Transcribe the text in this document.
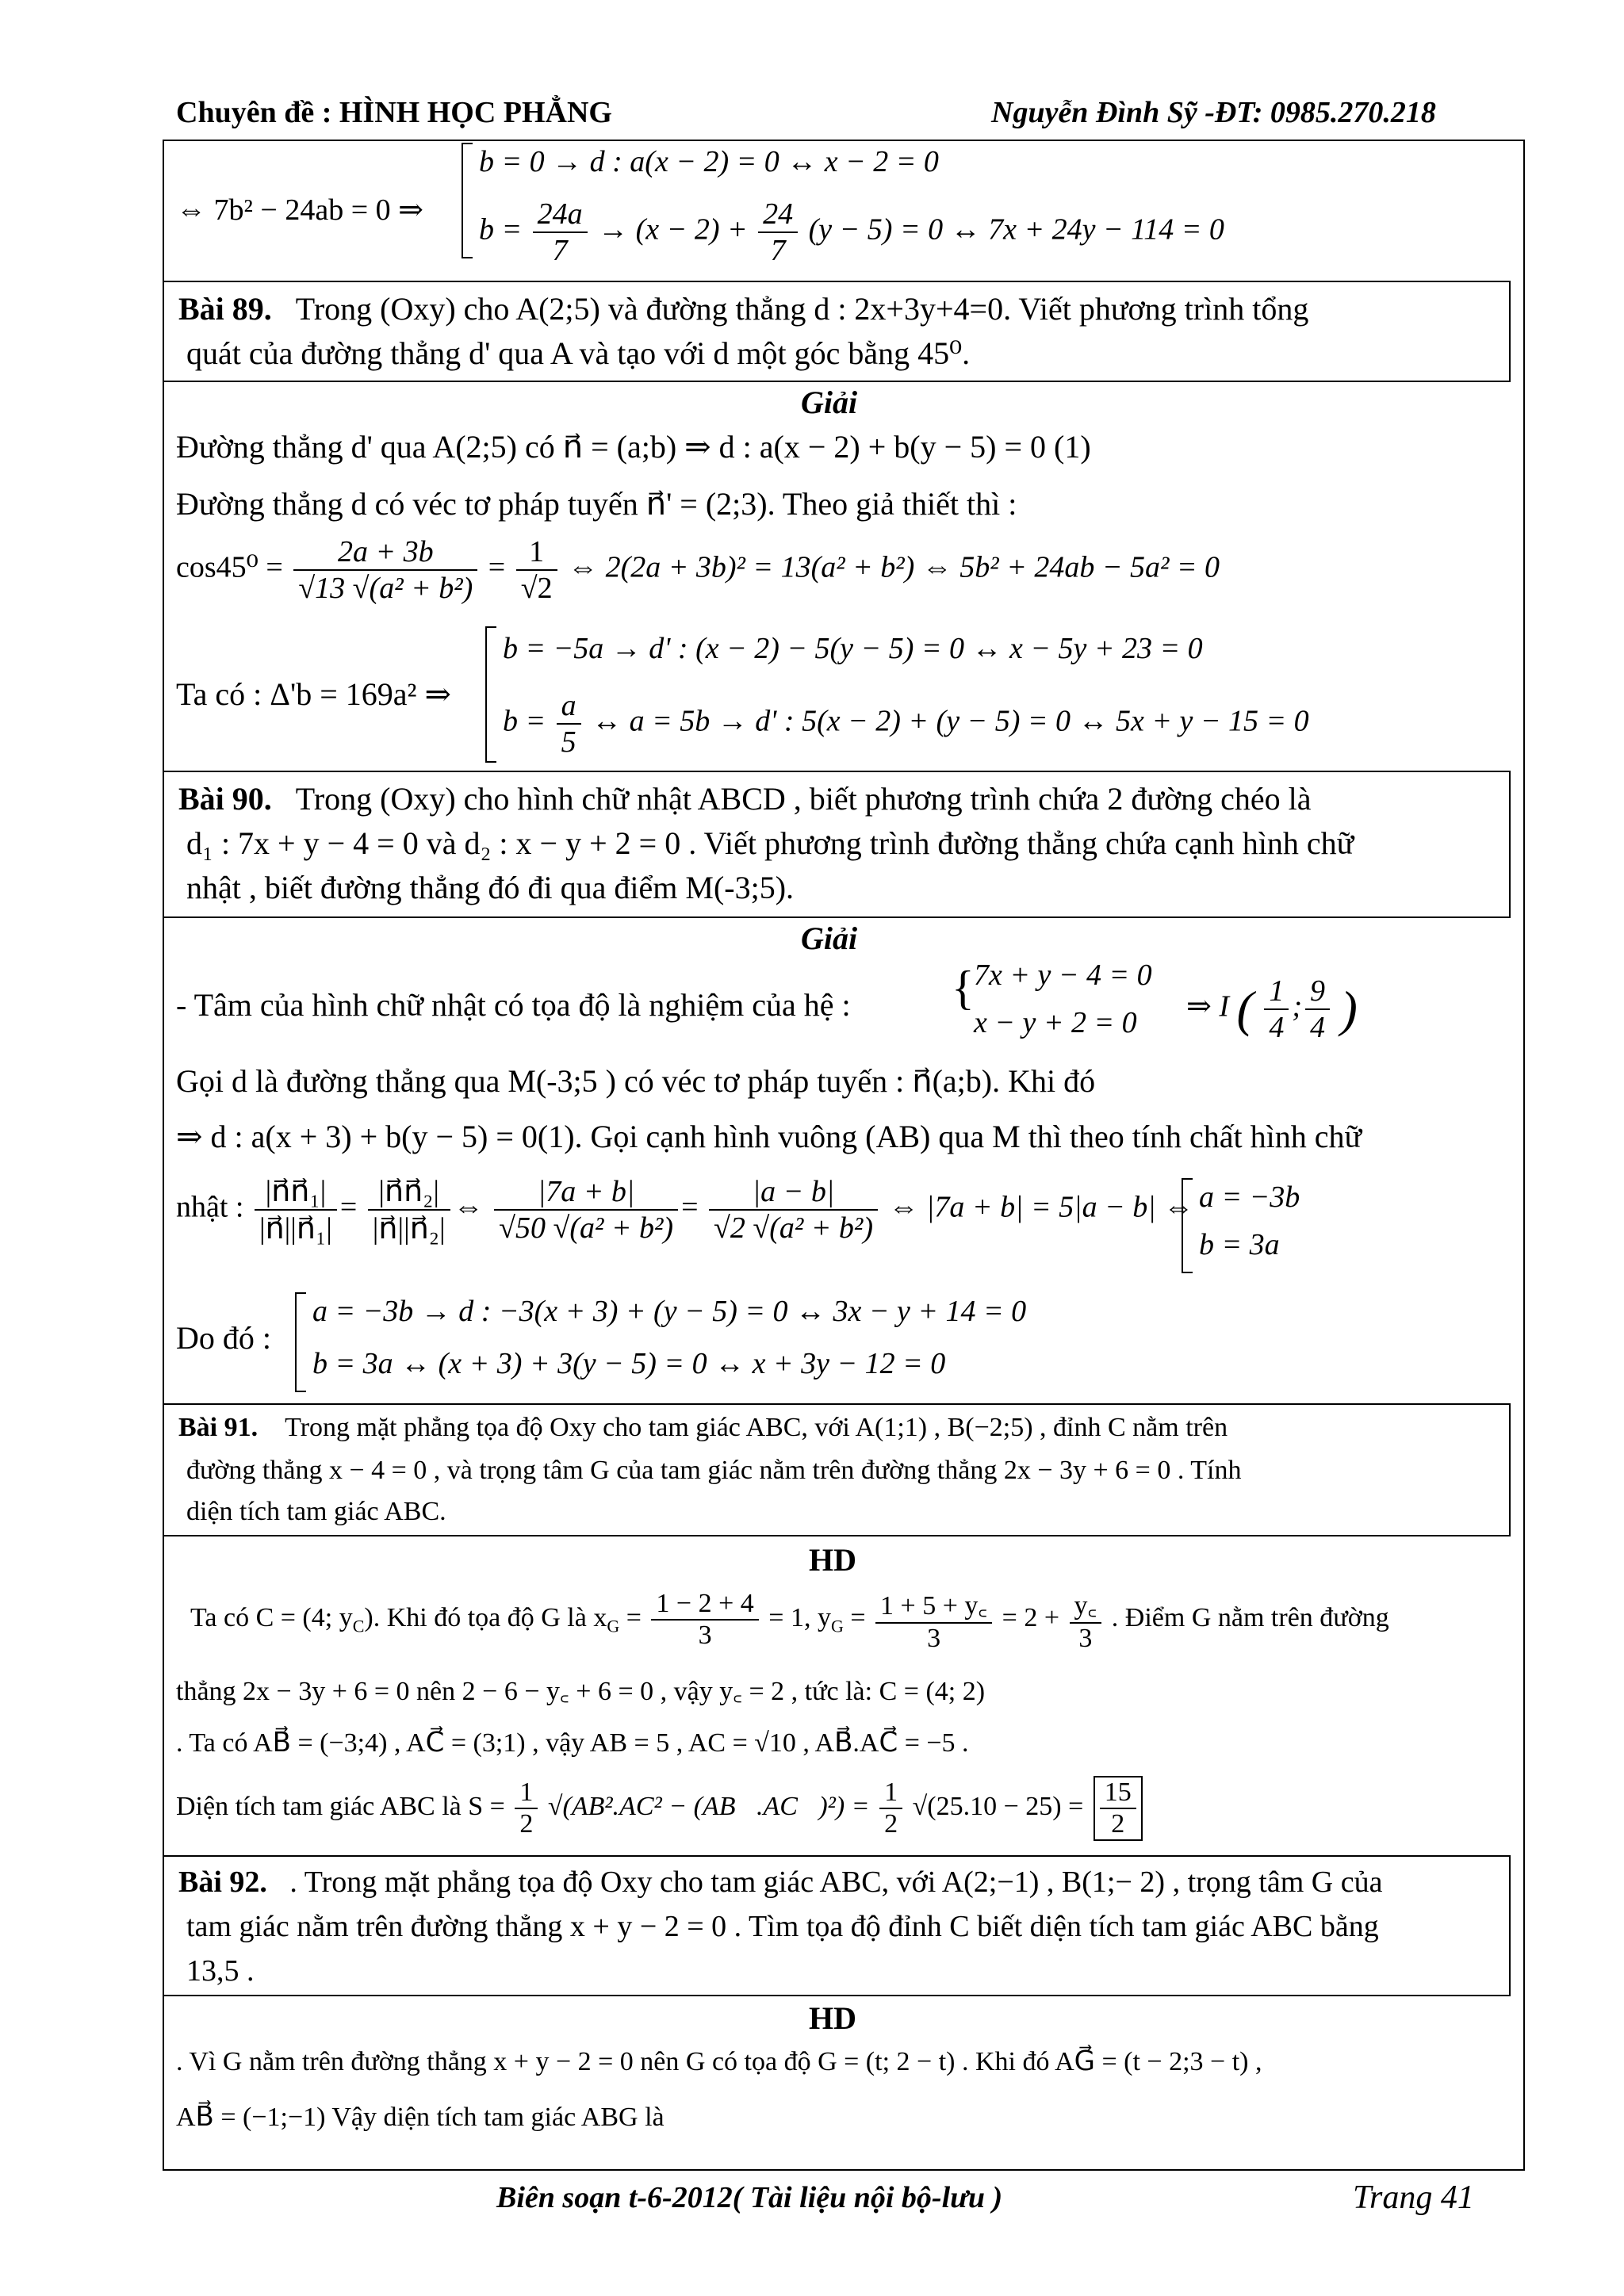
Chuyên đề : HÌNH HỌC PHẲNG	Nguyễn Đình Sỹ -ĐT: 0985.270.218
⇔ 7b² − 24ab = 0 ⇒
b = 0 → d : a(x − 2) = 0 ↔ x − 2 = 0
$b = \frac{24a}{7} \to (x - 2) + \frac{24}{7} (y - 5) = 0$ ↔ 7x + 24y − 114 = 0
Bài 89. Trong (Oxy) cho A(2;5) và đường thẳng d : 2x+3y+4=0. Viết phương trình tổng
quát của đường thẳng d' qua A và tạo với d một góc bằng 45⁰.
Giải
Đường thẳng d' qua A(2;5) có n⃗ = (a;b) ⇒ d : a(x − 2) + b(y − 5) = 0 (1)
Đường thẳng d có véc tơ pháp tuyến n⃗' = (2;3). Theo giả thiết thì :
$\cos 45^0 = \frac{2a + 3b}{\text{√13 √(a² + b²)}} = \frac{1}{√2}$ ⇔ 2(2a + 3b)² = 13(a² + b²) ⇔ 5b² + 24ab − 5a² = 0
Ta có : Δ'b = 169a² ⇒
b = −5a → d' : (x − 2) − 5(y − 5) = 0 ↔ x − 5y + 23 = 0
$b = \frac{a}{5}$ ↔ a = 5b → d' : 5(x − 2) + (y − 5) = 0 ↔ 5x + y − 15 = 0
Bài 90. Trong (Oxy) cho hình chữ nhật ABCD , biết phương trình chứa 2 đường chéo là
d₁ : 7x + y − 4 = 0 và d₂ : x − y + 2 = 0 . Viết phương trình đường thẳng chứa cạnh hình chữ
nhật , biết đường thẳng đó đi qua điểm M(-3;5).
Giải
- Tâm của hình chữ nhật có tọa độ là nghiệm của hệ : { 7x + y − 4 = 0
x − y + 2 = 0 ⇒ I ( $\frac{1}{4}$ ; $\frac{9}{4}$ )
Gọi d là đường thẳng qua M(-3;5 ) có véc tơ pháp tuyến : n⃗(a;b). Khi đó
⇒ d : a(x + 3) + b(y − 5) = 0(1). Gọi cạnh hình vuông (AB) qua M thì theo tính chất hình chữ
nhật : $\frac{\text{|n⃗n⃗₁|}}{\text{|n⃗||n⃗₁|}} = \frac{\text{|n⃗n⃗₂|}}{\text{|n⃗||n⃗₂|}}$ ⇔ $\frac{|7a + b|}{\text{√50 √(a² + b²)}} = \frac{|a - b|}{\text{√2 √(a² + b²)}}$ ⇔ |7a + b| = 5|a − b| ⇔ a = −3b
b = 3a
Do đó :
a = −3b → d : −3(x + 3) + (y − 5) = 0 ↔ 3x − y + 14 = 0
b = 3a ↔ (x + 3) + 3(y − 5) = 0 ↔ x + 3y − 12 = 0
Bài 91. Trong mặt phẳng tọa độ Oxy cho tam giác ABC, với A(1;1) , B(−2;5) , đỉnh C nằm trên
đường thẳng x − 4 = 0 , và trọng tâm G của tam giác nằm trên đường thẳng 2x − 3y + 6 = 0 . Tính
diện tích tam giác ABC.
HD
Ta có C = (4; $y_C$). Khi đó tọa độ G là $x_G = \frac{1 - 2 + 4}{3} = 1$, $y_G = \frac{1 + 5 + y꜀}{3} = 2 + \frac{y꜀}{3}$ . Điểm G nằm trên đường
thẳng 2x − 3y + 6 = 0 nên 2 − 6 − y꜀ + 6 = 0 , vậy y꜀ = 2 , tức là: C = (4; 2)
. Ta có AB⃗ = (−3;4) , AC⃗ = (3;1) , vậy AB = 5 , AC = √10 , AB⃗.AC⃗ = −5 .
Diện tích tam giác ABC là $S = \frac{1}{2} √(AB^2.AC^2$ − (AB⃗.AC⃗)²) = $\frac{1}{2} √(25.10 - 25) = \frac{15}{2}$
Bài 92. . Trong mặt phẳng tọa độ Oxy cho tam giác ABC, với A(2;−1) , B(1;− 2) , trọng tâm G của
tam giác nằm trên đường thẳng x + y − 2 = 0 . Tìm tọa độ đỉnh C biết diện tích tam giác ABC bằng
13,5 .
HD
. Vì G nằm trên đường thẳng x + y − 2 = 0 nên G có tọa độ G = (t; 2 − t) . Khi đó AG⃗ = (t − 2;3 − t) ,
AB⃗ = (−1;−1) Vậy diện tích tam giác ABG là
Biên soạn t-6-2012( Tài liệu nội bộ-lưu )	Trang 41
